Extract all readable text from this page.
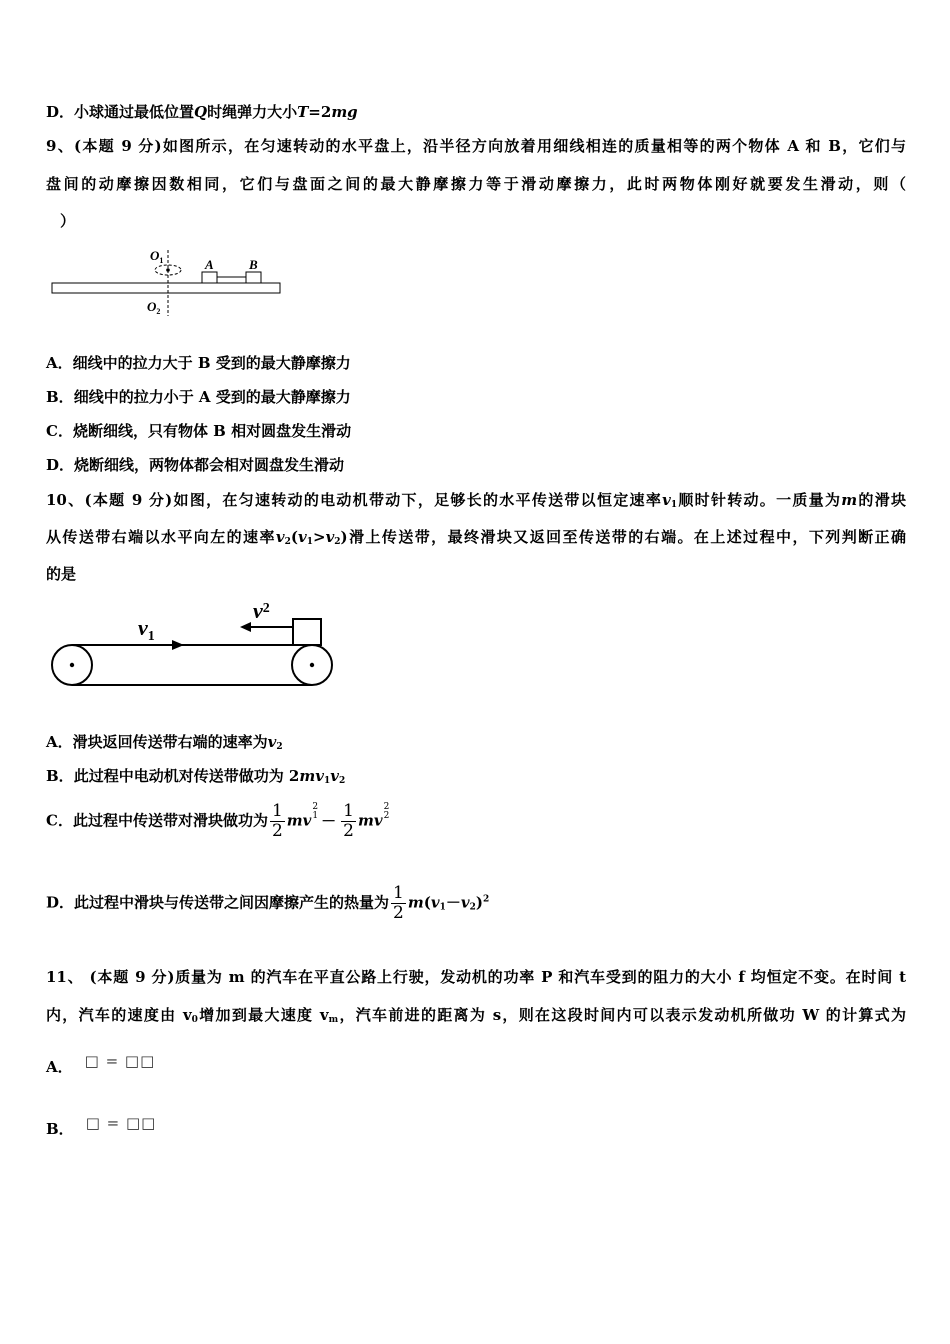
D．小球通过最低位置Q时绳弹力大小T=2mg
9、(本题 9 分)如图所示，在匀速转动的水平盘上，沿半径方向放着用细线相连的质量相等的两个物体 A 和 B，它们与
盘间的动摩擦因数相同，它们与盘面之间的最大静摩擦力等于滑动摩擦力，此时两物体刚好就要发生滑动，则（
）
$O_1$	A	B
$O_2$
A．细线中的拉力大于 B 受到的最大静摩擦力
B．细线中的拉力小于 A 受到的最大静摩擦力
C．烧断细线，只有物体 B 相对圆盘发生滑动
D．烧断细线，两物体都会相对圆盘发生滑动
10、(本题 9 分)如图，在匀速转动的电动机带动下，足够长的水平传送带以恒定速率$v_1$顺时针转动。一质量为m的滑块
从传送带右端以水平向左的速率$v_2(v_1>v_2)$滑上传送带，最终滑块又返回至传送带的右端。在上述过程中，下列判断正确
的是
$v_1$
$v^2$
A．滑块返回传送带右端的速率为$v_2$
B．此过程中电动机对传送带做功为 $2mv_1v_2$
C．此过程中传送带对滑块做功为 $\frac{1}{2} mv2$
$1 - \frac{1}{2} mv2$
2
D．此过程中滑块与传送带之间因摩擦产生的热量为 $\frac{1}{2} m(v_1-v_2)^2$
11、 (本题 9 分)质量为 m 的汽车在平直公路上行驶，发动机的功率 P 和汽车受到的阻力的大小 f 均恒定不变。在时间 t
内，汽车的速度由 $v_0$增加到最大速度 $v_m$，汽车前进的距离为 s，则在这段时间内可以表示发动机所做功 W 的计算式为
A． □ = □□
B． □ = □□
